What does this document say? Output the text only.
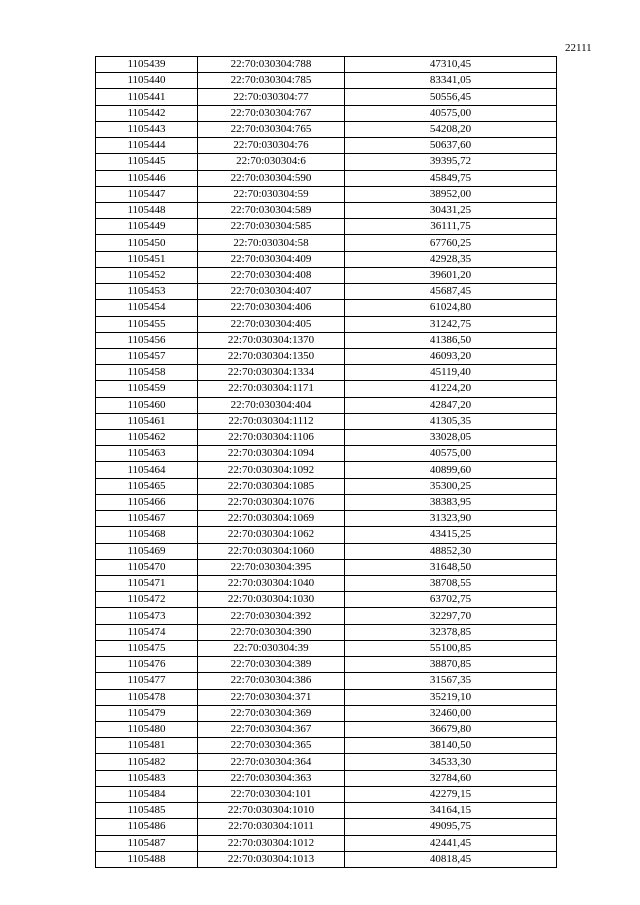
22111
1105439	22:70:030304:788	47310,45
1105440	22:70:030304:785	83341,05
1105441	22:70:030304:77	50556,45
1105442	22:70:030304:767	40575,00
1105443	22:70:030304:765	54208,20
1105444	22:70:030304:76	50637,60
1105445	22:70:030304:6	39395,72
1105446	22:70:030304:590	45849,75
1105447	22:70:030304:59	38952,00
1105448	22:70:030304:589	30431,25
1105449	22:70:030304:585	36111,75
1105450	22:70:030304:58	67760,25
1105451	22:70:030304:409	42928,35
1105452	22:70:030304:408	39601,20
1105453	22:70:030304:407	45687,45
1105454	22:70:030304:406	61024,80
1105455	22:70:030304:405	31242,75
1105456	22:70:030304:1370	41386,50
1105457	22:70:030304:1350	46093,20
1105458	22:70:030304:1334	45119,40
1105459	22:70:030304:1171	41224,20
1105460	22:70:030304:404	42847,20
1105461	22:70:030304:1112	41305,35
1105462	22:70:030304:1106	33028,05
1105463	22:70:030304:1094	40575,00
1105464	22:70:030304:1092	40899,60
1105465	22:70:030304:1085	35300,25
1105466	22:70:030304:1076	38383,95
1105467	22:70:030304:1069	31323,90
1105468	22:70:030304:1062	43415,25
1105469	22:70:030304:1060	48852,30
1105470	22:70:030304:395	31648,50
1105471	22:70:030304:1040	38708,55
1105472	22:70:030304:1030	63702,75
1105473	22:70:030304:392	32297,70
1105474	22:70:030304:390	32378,85
1105475	22:70:030304:39	55100,85
1105476	22:70:030304:389	38870,85
1105477	22:70:030304:386	31567,35
1105478	22:70:030304:371	35219,10
1105479	22:70:030304:369	32460,00
1105480	22:70:030304:367	36679,80
1105481	22:70:030304:365	38140,50
1105482	22:70:030304:364	34533,30
1105483	22:70:030304:363	32784,60
1105484	22:70:030304:101	42279,15
1105485	22:70:030304:1010	34164,15
1105486	22:70:030304:1011	49095,75
1105487	22:70:030304:1012	42441,45
1105488	22:70:030304:1013	40818,45
